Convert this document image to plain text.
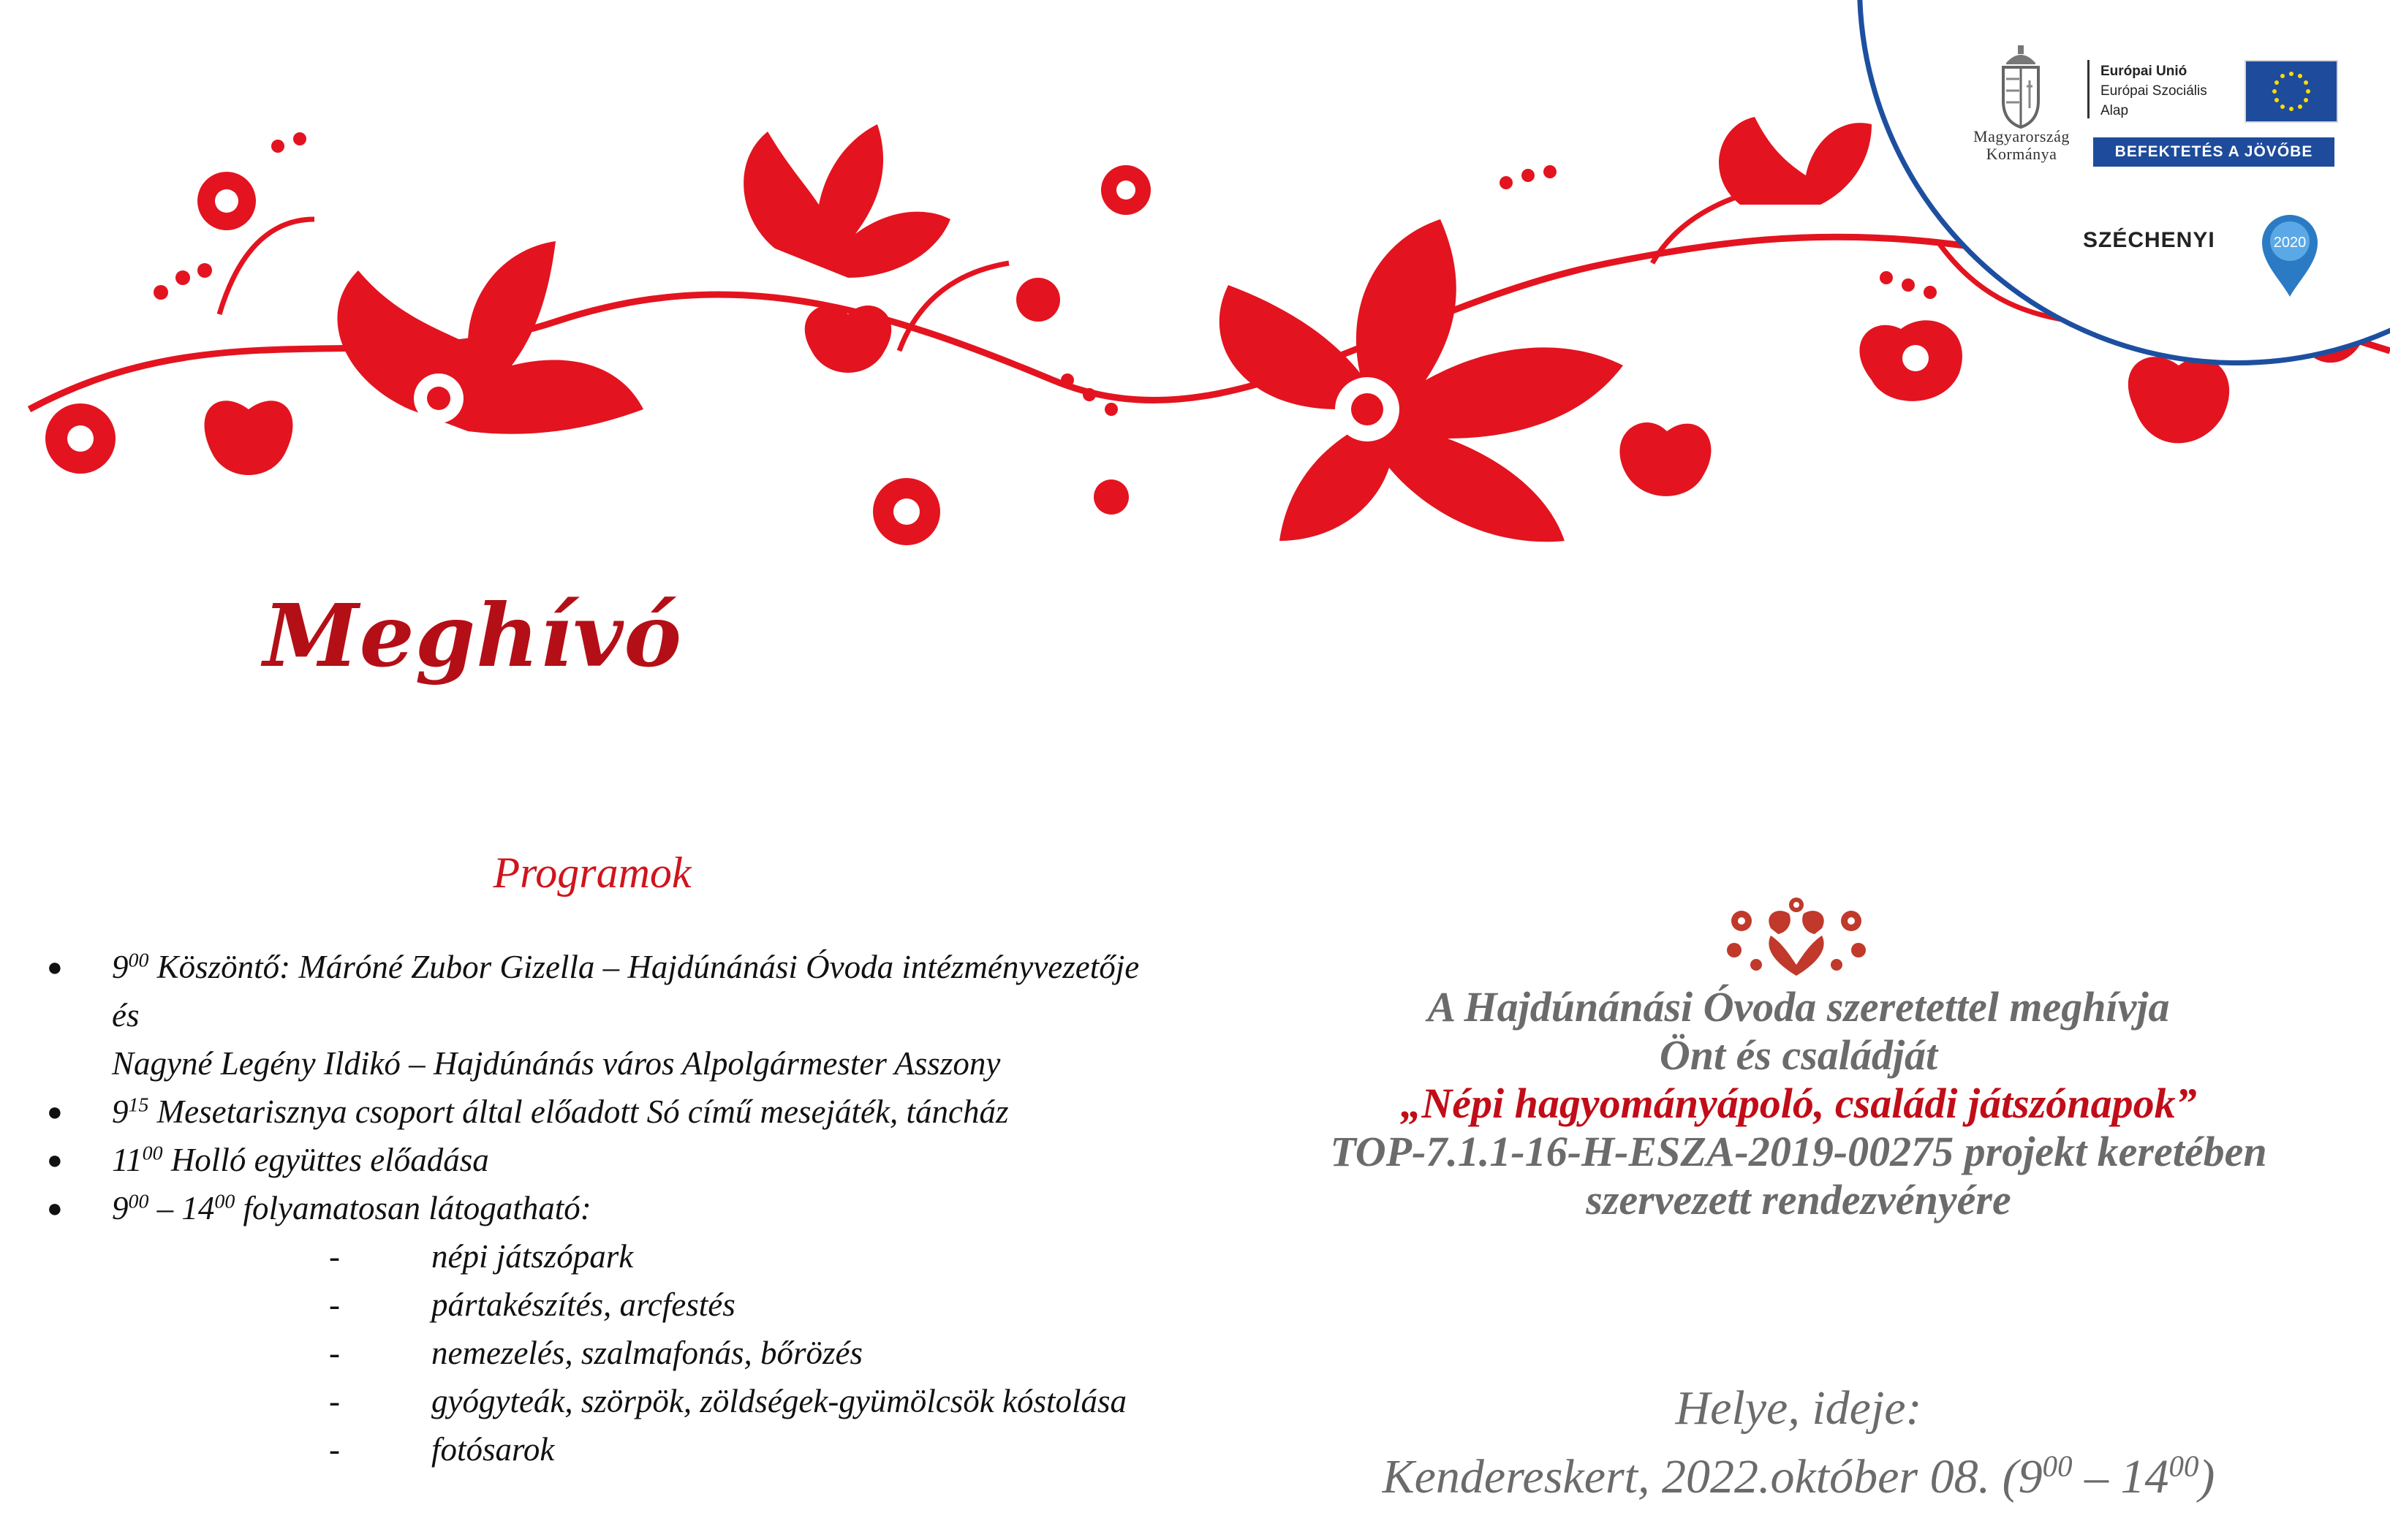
Magyarország
Kormánya
Európai Unió
Európai Szociális
Alap
BEFEKTETÉS A JÖVŐBE
SZÉCHENYI	2020
Meghívó
Programok
● $9^{00}$ Köszöntő: Máróné Zubor Gizella – Hajdúnánási Óvoda intézményvezetője
és
Nagyné Legény Ildikó – Hajdúnánás város Alpolgármester Asszony
● $9^{15}$ Mesetarisznya csoport által előadott Só című mesejáték, táncház
● $11^{00}$ Holló együttes előadása
● $9^{00} - 14^{00}$ folyamatosan látogatható:
-	népi játszópark
-	pártakészítés, arcfestés
-	nemezelés, szalmafonás, bőrözés
-	gyógyteák, szörpök, zöldségek-gyümölcsök kóstolása
-	fotósarok
A Hajdúnánási Óvoda szeretettel meghívja
Önt és családját
„Népi hagyományápoló, családi játszónapok”
TOP-7.1.1-16-H-ESZA-2019-00275 projekt keretében
szervezett rendezvényére
Helye, ideje:
Kendereskert, 2022.október 08. $(9^{00} - 14^{00})$
